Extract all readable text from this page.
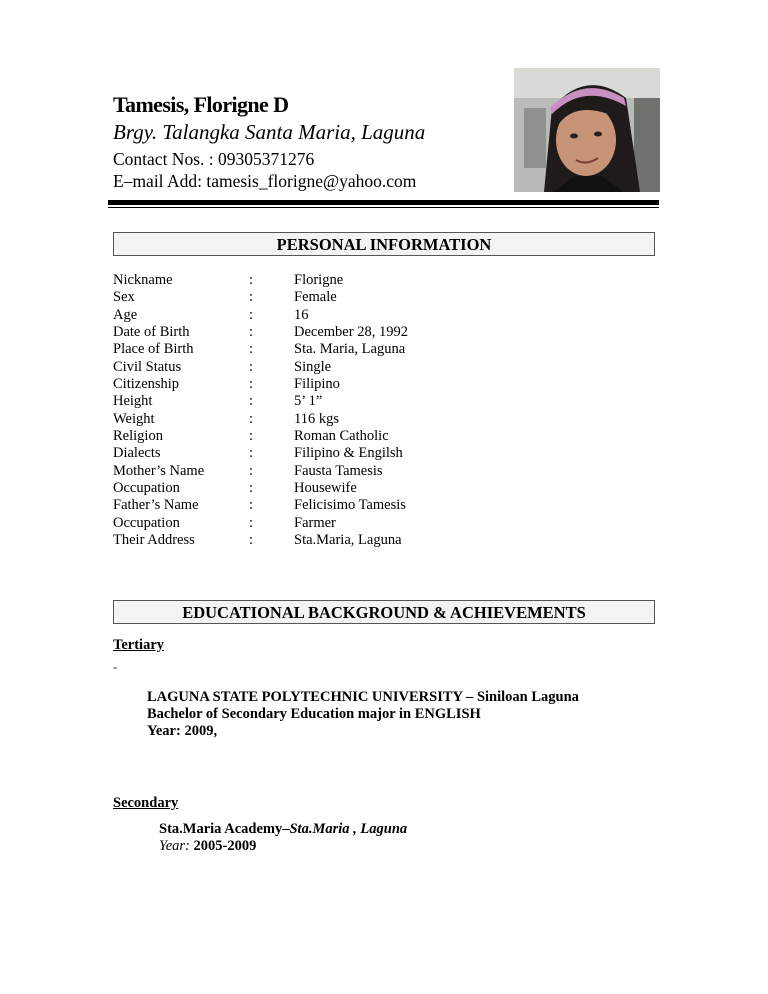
Tamesis, Florigne D
Brgy. Talangka Santa Maria, Laguna
Contact Nos. : 09305371276
E–mail Add: tamesis_florigne@yahoo.com
PERSONAL INFORMATION
Nickname	:	Florigne
Sex	:	Female
Age	:	16
Date of Birth	:	December 28, 1992
Place of Birth	:	Sta. Maria, Laguna
Civil Status	:	Single
Citizenship	:	Filipino
Height	:	5’ 1”
Weight	:	116 kgs
Religion	:	Roman Catholic
Dialects	:	Filipino & Engilsh
Mother’s Name	:	Fausta Tamesis
Occupation	:	Housewife
Father’s Name	:	Felicisimo Tamesis
Occupation	:	Farmer
Their Address	:	Sta.Maria, Laguna
EDUCATIONAL BACKGROUND & ACHIEVEMENTS
Tertiary
-
LAGUNA STATE POLYTECHNIC UNIVERSITY – Siniloan Laguna
Bachelor of Secondary Education major in ENGLISH
Year: 2009,
Secondary
Sta.Maria Academy–Sta.Maria , Laguna
Year: 2005-2009
